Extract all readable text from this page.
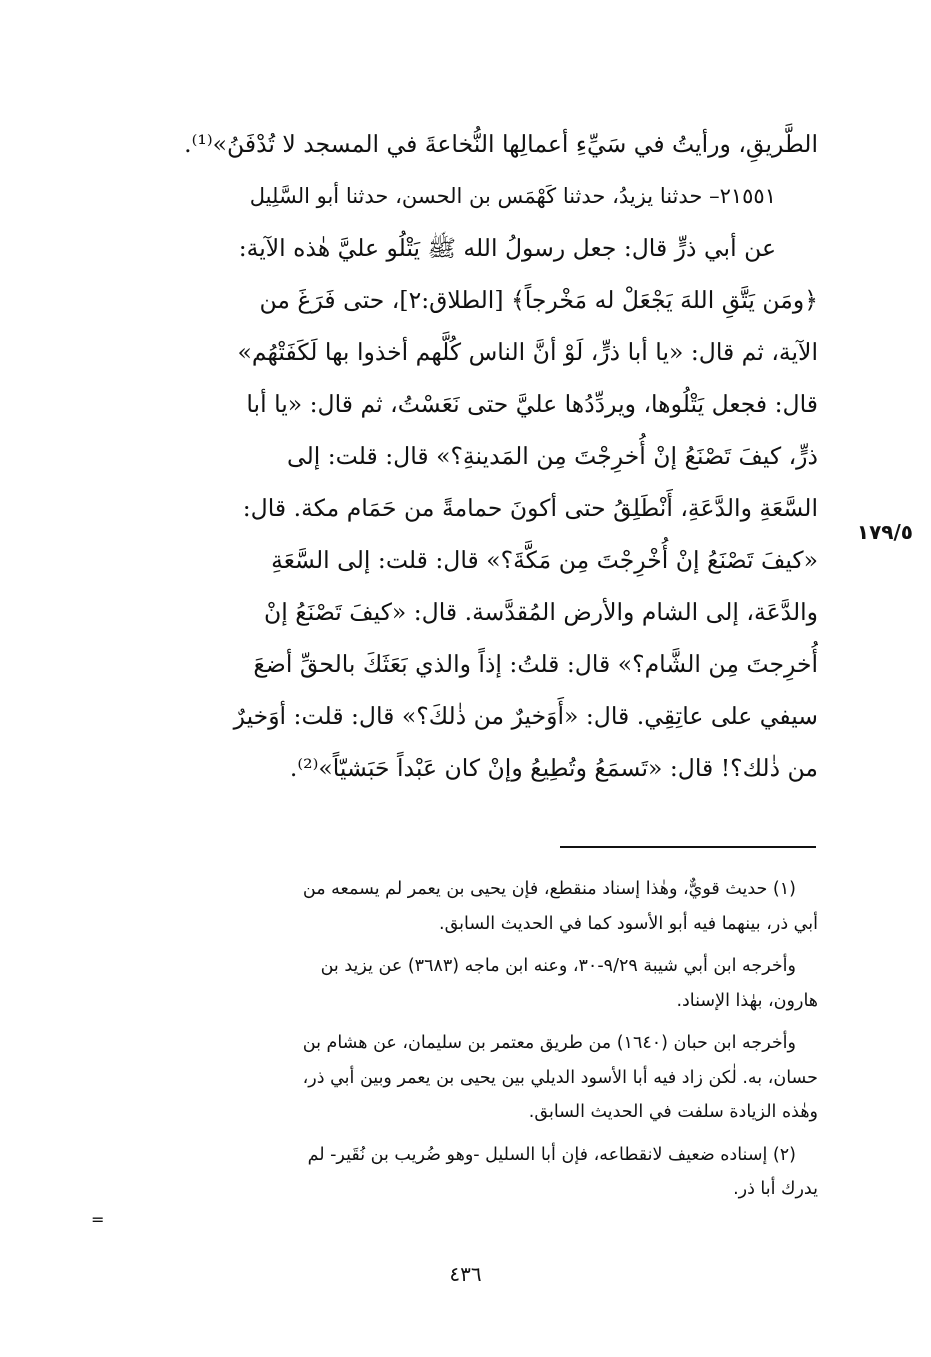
الطَّريقِ، ورأيتُ في سَيِّءِ أعمالِها النُّخاعةَ في المسجد لا تُدْفَنُ»⁽¹⁾.
٢١٥٥١– حدثنا يزيدُ، حدثنا كَهْمَس بن الحسن، حدثنا أبو السَّلِيل
عن أبي ذرٍّ قال: جعل رسولُ الله ﷺ يَتْلُو عليَّ هٰذه الآية:
﴿ومَن يَتَّقِ اللهَ يَجْعَلْ له مَخْرجاً﴾ [الطلاق:٢]، حتى فَرَغَ من
الآية، ثم قال: «يا أبا ذرٍّ، لَوْ أنَّ الناس كُلَّهم أخذوا بها لَكَفَتْهُم»
قال: فجعل يَتْلُوها، ويردِّدُها عليَّ حتى نَعَسْتُ، ثم قال: «يا أبا
ذرٍّ، كيفَ تَصْنَعُ إنْ أُخرِجْتَ مِن المَدينةِ؟» قال: قلت: إلى
السَّعَةِ والدَّعَةِ، أَنْطَلِقُ حتى أكونَ حمامةً من حَمَام مكة. قال:
«كيفَ تَصْنَعُ إنْ أُخْرِجْتَ مِن مَكَّةَ؟» قال: قلت: إلى السَّعَةِ
والدَّعَة، إلى الشام والأرض المُقدَّسة. قال: «كيفَ تَصْنَعُ إنْ
أُخرِجتَ مِن الشَّام؟» قال: قلتُ: إذاً والذي بَعَثَكَ بالحقِّ أضعَ
سيفي على عاتِقِي. قال: «أَوَخيرٌ من ذٰلكَ؟» قال: قلت: أوَخيرٌ
من ذٰلك؟! قال: «تَسمَعُ وتُطِيعُ وإنْ كان عَبْداً حَبَشيّاً»⁽²⁾.
١٧٩/٥
(١) حديث قويٌّ، وهٰذا إسناد منقطع، فإن يحيى بن يعمر لم يسمعه من
أبي ذر، بينهما فيه أبو الأسود كما في الحديث السابق.
وأخرجه ابن أبي شيبة ٩/٢٩-٣٠، وعنه ابن ماجه (٣٦٨٣) عن يزيد بن
هارون، بهٰذا الإسناد.
وأخرجه ابن حبان (١٦٤٠) من طريق معتمر بن سليمان، عن هشام بن
حسان، به. لٰكن زاد فيه أبا الأسود الديلي بين يحيى بن يعمر وبين أبي ذر،
وهٰذه الزيادة سلفت في الحديث السابق.
(٢) إسناده ضعيف لانقطاعه، فإن أبا السليل -وهو ضُريب بن نُقَير- لم
يدرك أبا ذر.
=
٤٣٦
